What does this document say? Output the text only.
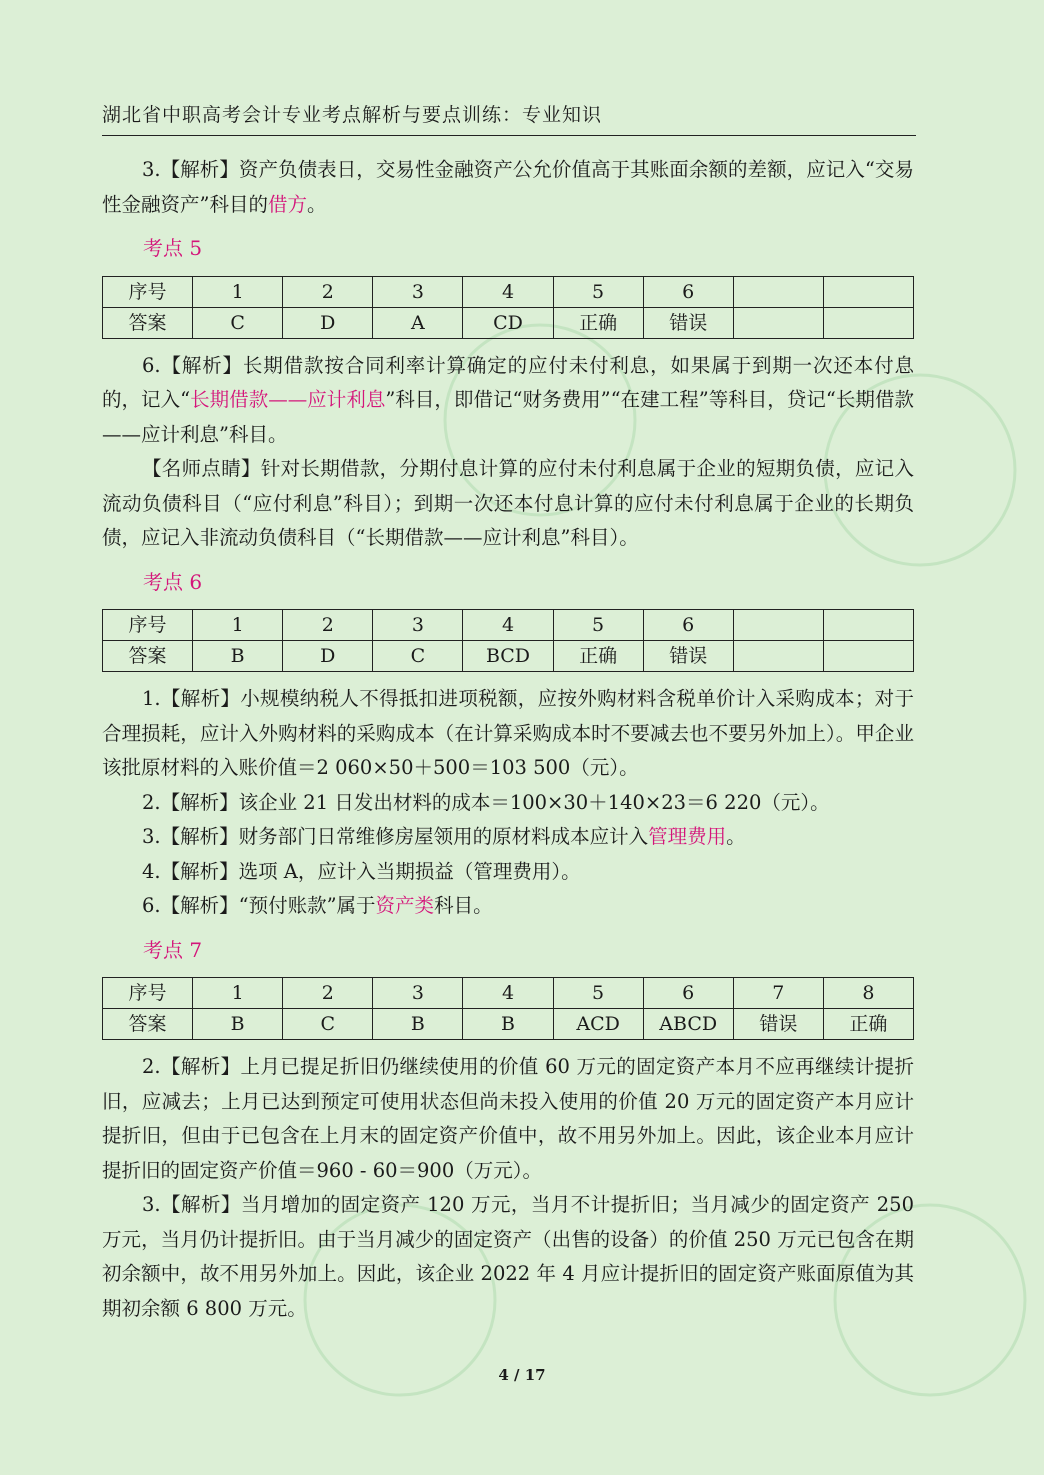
湖北省中职高考会计专业考点解析与要点训练：专业知识

3.【解析】资产负债表日，交易性金融资产公允价值高于其账面余额的差额，应记入“交易性金融资产”科目的借方。

考点 5

序号	1	2	3	4	5	6		
答案	C	D	A	CD	正确	错误		

6.【解析】长期借款按合同利率计算确定的应付未付利息，如果属于到期一次还本付息的，记入“长期借款——应计利息”科目，即借记“财务费用”“在建工程”等科目，贷记“长期借款——应计利息”科目。

【名师点睛】针对长期借款，分期付息计算的应付未付利息属于企业的短期负债，应记入流动负债科目（“应付利息”科目）；到期一次还本付息计算的应付未付利息属于企业的长期负债，应记入非流动负债科目（“长期借款——应计利息”科目）。

考点 6

序号	1	2	3	4	5	6		
答案	B	D	C	BCD	正确	错误		

1.【解析】小规模纳税人不得抵扣进项税额，应按外购材料含税单价计入采购成本；对于合理损耗，应计入外购材料的采购成本（在计算采购成本时不要减去也不要另外加上）。甲企业该批原材料的入账价值＝2 060×50＋500＝103 500（元）。

2.【解析】该企业 21 日发出材料的成本＝100×30＋140×23＝6 220（元）。

3.【解析】财务部门日常维修房屋领用的原材料成本应计入管理费用。

4.【解析】选项 A，应计入当期损益（管理费用）。

6.【解析】“预付账款”属于资产类科目。

考点 7

序号	1	2	3	4	5	6	7	8
答案	B	C	B	B	ACD	ABCD	错误	正确

2.【解析】上月已提足折旧仍继续使用的价值 60 万元的固定资产本月不应再继续计提折旧，应减去；上月已达到预定可使用状态但尚未投入使用的价值 20 万元的固定资产本月应计提折旧，但由于已包含在上月末的固定资产价值中，故不用另外加上。因此，该企业本月应计提折旧的固定资产价值＝960 - 60＝900（万元）。

3.【解析】当月增加的固定资产 120 万元，当月不计提折旧；当月减少的固定资产 250 万元，当月仍计提折旧。由于当月减少的固定资产（出售的设备）的价值 250 万元已包含在期初余额中，故不用另外加上。因此，该企业 2022 年 4 月应计提折旧的固定资产账面原值为其期初余额 6 800 万元。

4 / 17
